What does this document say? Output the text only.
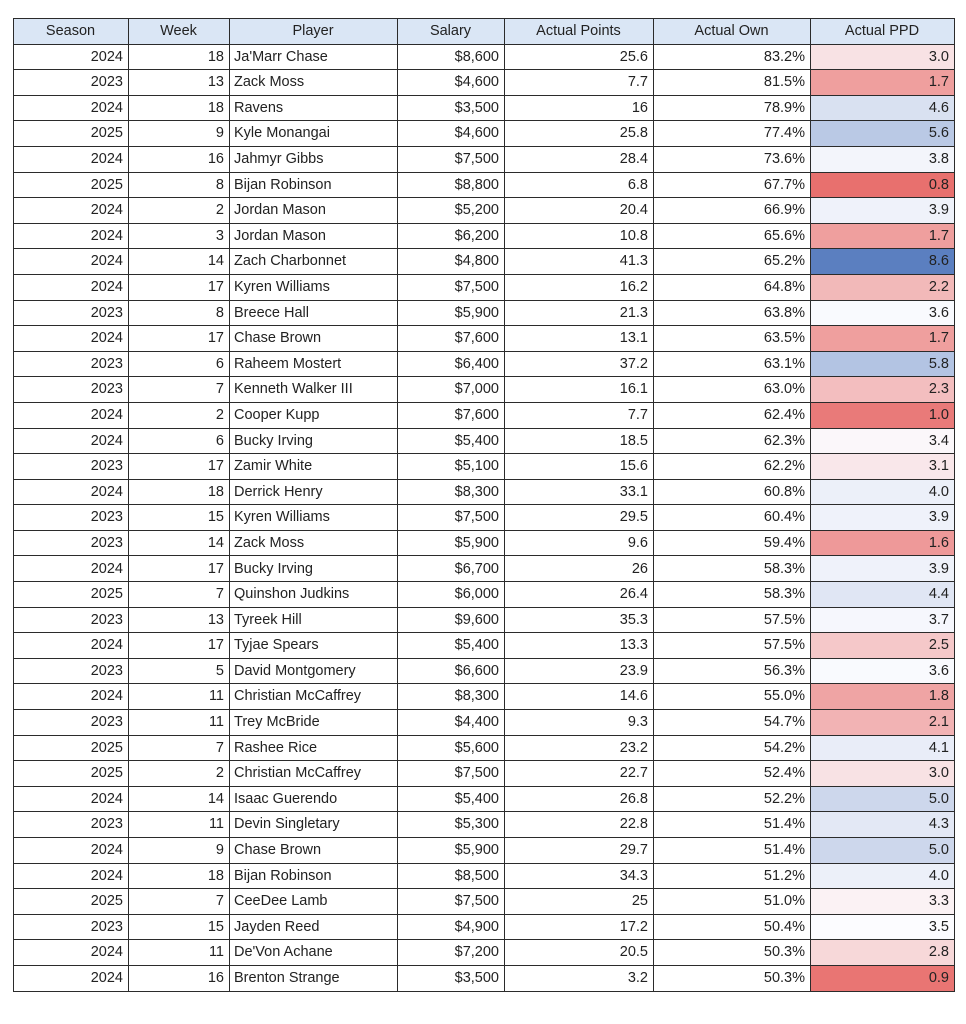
Season	Week	Player	Salary	Actual Points	Actual Own	Actual PPD
2024	18	Ja'Marr Chase	$8,600	25.6	83.2%	3.0
2023	13	Zack Moss	$4,600	7.7	81.5%	1.7
2024	18	Ravens	$3,500	16	78.9%	4.6
2025	9	Kyle Monangai	$4,600	25.8	77.4%	5.6
2024	16	Jahmyr Gibbs	$7,500	28.4	73.6%	3.8
2025	8	Bijan Robinson	$8,800	6.8	67.7%	0.8
2024	2	Jordan Mason	$5,200	20.4	66.9%	3.9
2024	3	Jordan Mason	$6,200	10.8	65.6%	1.7
2024	14	Zach Charbonnet	$4,800	41.3	65.2%	8.6
2024	17	Kyren Williams	$7,500	16.2	64.8%	2.2
2023	8	Breece Hall	$5,900	21.3	63.8%	3.6
2024	17	Chase Brown	$7,600	13.1	63.5%	1.7
2023	6	Raheem Mostert	$6,400	37.2	63.1%	5.8
2023	7	Kenneth Walker III	$7,000	16.1	63.0%	2.3
2024	2	Cooper Kupp	$7,600	7.7	62.4%	1.0
2024	6	Bucky Irving	$5,400	18.5	62.3%	3.4
2023	17	Zamir White	$5,100	15.6	62.2%	3.1
2024	18	Derrick Henry	$8,300	33.1	60.8%	4.0
2023	15	Kyren Williams	$7,500	29.5	60.4%	3.9
2023	14	Zack Moss	$5,900	9.6	59.4%	1.6
2024	17	Bucky Irving	$6,700	26	58.3%	3.9
2025	7	Quinshon Judkins	$6,000	26.4	58.3%	4.4
2023	13	Tyreek Hill	$9,600	35.3	57.5%	3.7
2024	17	Tyjae Spears	$5,400	13.3	57.5%	2.5
2023	5	David Montgomery	$6,600	23.9	56.3%	3.6
2024	11	Christian McCaffrey	$8,300	14.6	55.0%	1.8
2023	11	Trey McBride	$4,400	9.3	54.7%	2.1
2025	7	Rashee Rice	$5,600	23.2	54.2%	4.1
2025	2	Christian McCaffrey	$7,500	22.7	52.4%	3.0
2024	14	Isaac Guerendo	$5,400	26.8	52.2%	5.0
2023	11	Devin Singletary	$5,300	22.8	51.4%	4.3
2024	9	Chase Brown	$5,900	29.7	51.4%	5.0
2024	18	Bijan Robinson	$8,500	34.3	51.2%	4.0
2025	7	CeeDee Lamb	$7,500	25	51.0%	3.3
2023	15	Jayden Reed	$4,900	17.2	50.4%	3.5
2024	11	De'Von Achane	$7,200	20.5	50.3%	2.8
2024	16	Brenton Strange	$3,500	3.2	50.3%	0.9
